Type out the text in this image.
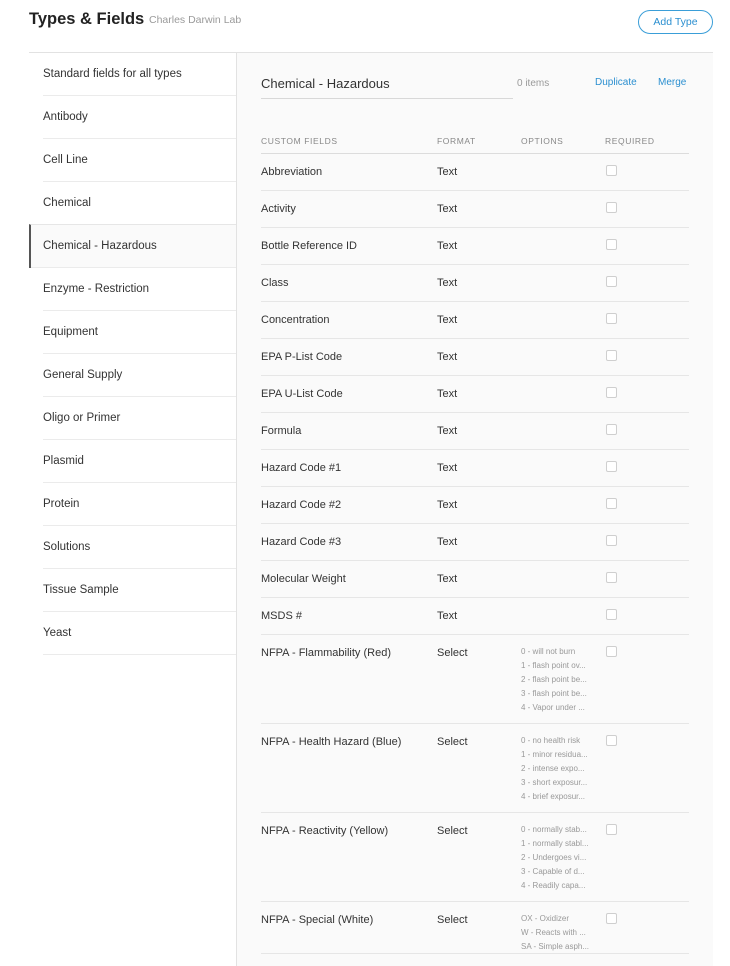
Types & Fields Charles Darwin Lab	Add Type
Standard fields for all types
Antibody
Cell Line
Chemical
Chemical - Hazardous
Enzyme - Restriction
Equipment
General Supply
Oligo or Primer
Plasmid
Protein
Solutions
Tissue Sample
Yeast
Chemical - Hazardous	0 items	Duplicate Merge
CUSTOM FIELDS	FORMAT	OPTIONS	REQUIRED
Abbreviation	Text
Activity	Text
Bottle Reference ID	Text
Class	Text
Concentration	Text
EPA P-List Code	Text
EPA U-List Code	Text
Formula	Text
Hazard Code #1	Text
Hazard Code #2	Text
Hazard Code #3	Text
Molecular Weight	Text
MSDS #	Text
NFPA - Flammability (Red)	Select	0 - will not burn
1 - flash point ov...
2 - flash point be...
3 - flash point be...
4 - Vapor under ...
NFPA - Health Hazard (Blue)	Select	0 - no health risk
1 - minor residua...
2 - intense expo...
3 - short exposur...
4 - brief exposur...
NFPA - Reactivity (Yellow)	Select	0 - normally stab...
1 - normally stabl...
2 - Undergoes vi...
3 - Capable of d...
4 - Readily capa...
NFPA - Special (White)	Select	OX - Oxidizer
W - Reacts with ...
SA - Simple asph...
